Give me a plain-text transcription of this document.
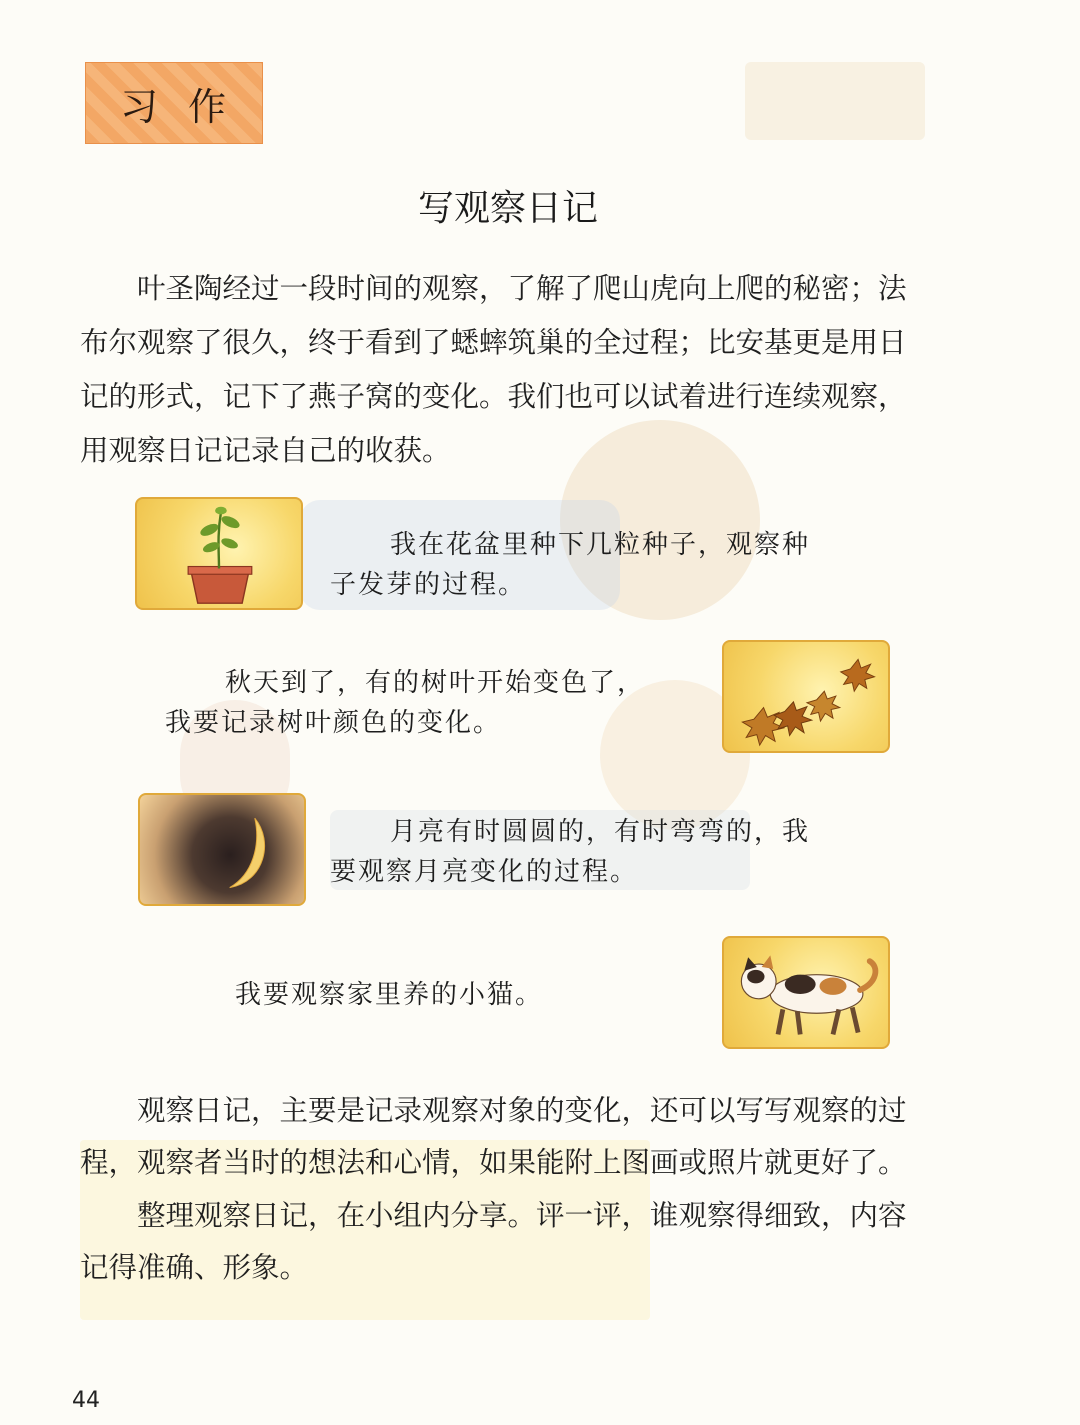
习作
写观察日记
叶圣陶经过一段时间的观察，了解了爬山虎向上爬的秘密；法布尔观察了很久，终于看到了蟋蟀筑巢的全过程；比安基更是用日记的形式，记下了燕子窝的变化。我们也可以试着进行连续观察，用观察日记记录自己的收获。
我在花盆里种下几粒种子，观察种
子发芽的过程。
秋天到了，有的树叶开始变色了，
我要记录树叶颜色的变化。
月亮有时圆圆的，有时弯弯的，我
要观察月亮变化的过程。
我要观察家里养的小猫。
观察日记，主要是记录观察对象的变化，还可以写写观察的过程，观察者当时的想法和心情，如果能附上图画或照片就更好了。
整理观察日记，在小组内分享。评一评，谁观察得细致，内容记得准确、形象。
44
